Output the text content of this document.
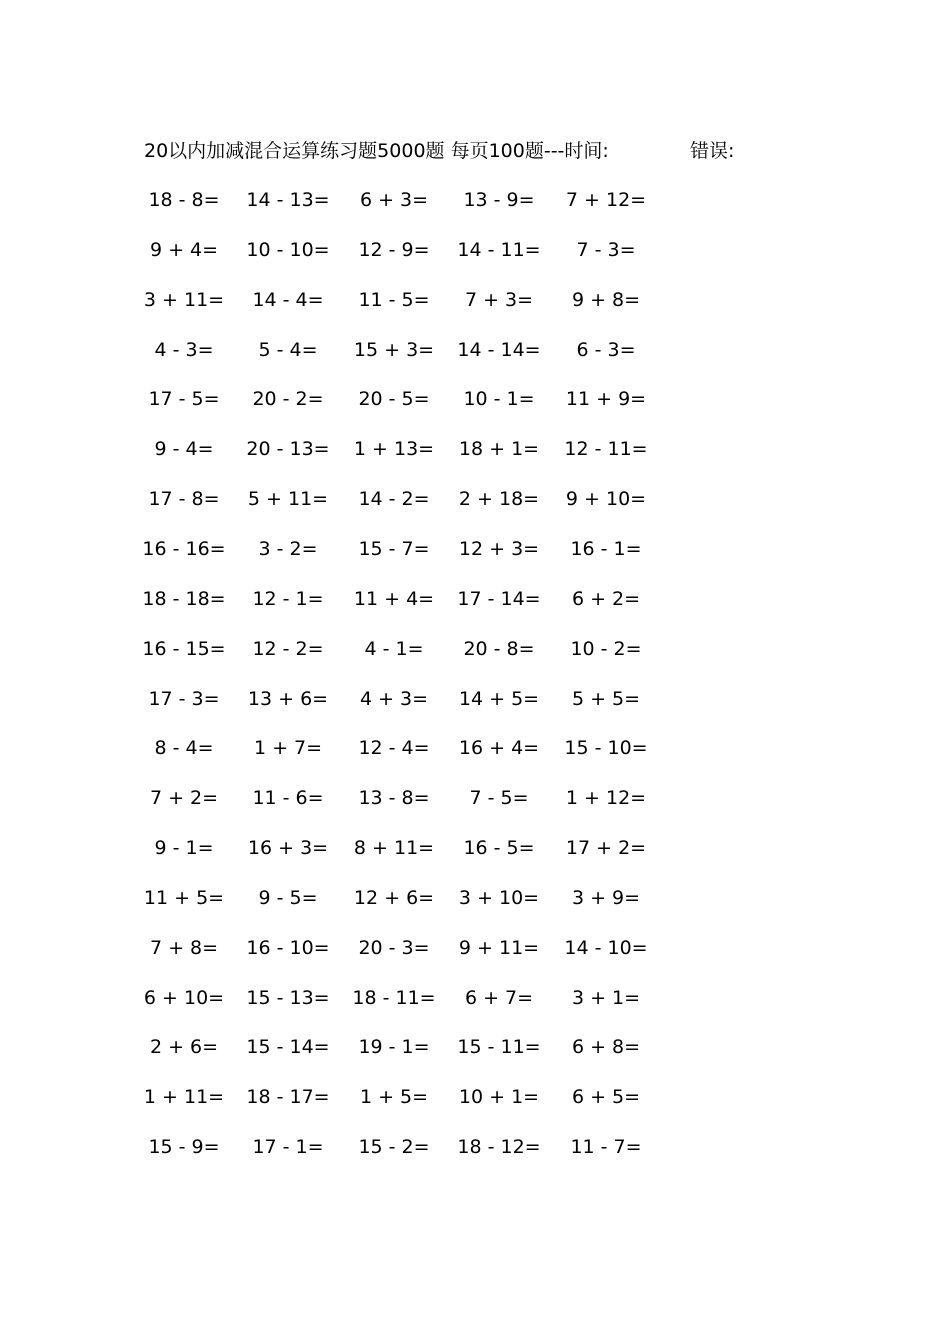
20以内加减混合运算练习题5000题 每页100题---时间:	错误:
18 - 8=	14 - 13=	6 + 3=	13 - 9=	7 + 12=
9 + 4=	10 - 10=	12 - 9=	14 - 11=	7 - 3=
3 + 11=	14 - 4=	11 - 5=	7 + 3=	9 + 8=
4 - 3=	5 - 4=	15 + 3=	14 - 14=	6 - 3=
17 - 5=	20 - 2=	20 - 5=	10 - 1=	11 + 9=
9 - 4=	20 - 13=	1 + 13=	18 + 1=	12 - 11=
17 - 8=	5 + 11=	14 - 2=	2 + 18=	9 + 10=
16 - 16=	3 - 2=	15 - 7=	12 + 3=	16 - 1=
18 - 18=	12 - 1=	11 + 4=	17 - 14=	6 + 2=
16 - 15=	12 - 2=	4 - 1=	20 - 8=	10 - 2=
17 - 3=	13 + 6=	4 + 3=	14 + 5=	5 + 5=
8 - 4=	1 + 7=	12 - 4=	16 + 4=	15 - 10=
7 + 2=	11 - 6=	13 - 8=	7 - 5=	1 + 12=
9 - 1=	16 + 3=	8 + 11=	16 - 5=	17 + 2=
11 + 5=	9 - 5=	12 + 6=	3 + 10=	3 + 9=
7 + 8=	16 - 10=	20 - 3=	9 + 11=	14 - 10=
6 + 10=	15 - 13=	18 - 11=	6 + 7=	3 + 1=
2 + 6=	15 - 14=	19 - 1=	15 - 11=	6 + 8=
1 + 11=	18 - 17=	1 + 5=	10 + 1=	6 + 5=
15 - 9=	17 - 1=	15 - 2=	18 - 12=	11 - 7=
